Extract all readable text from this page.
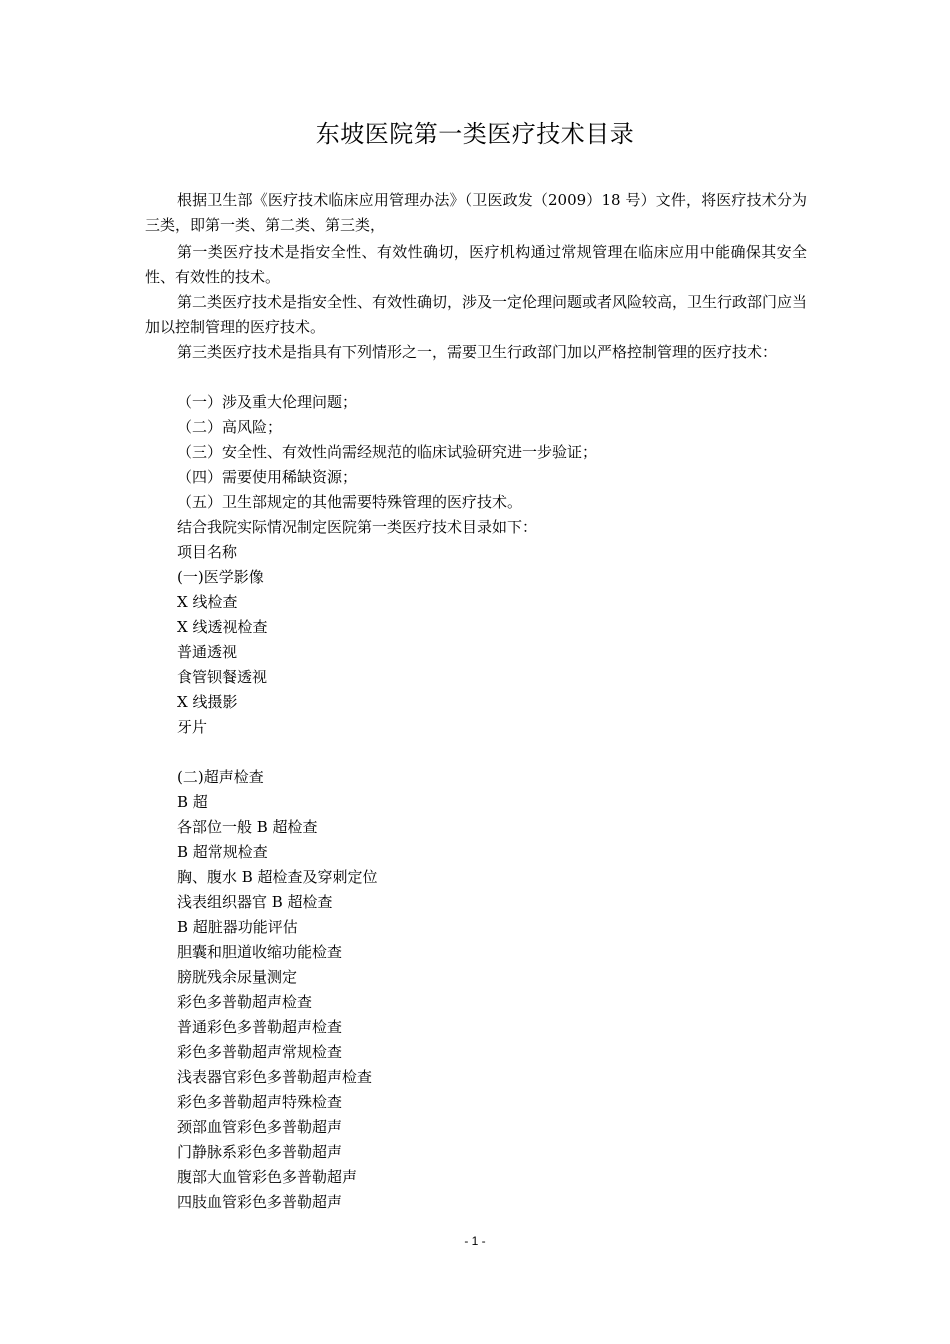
东坡医院第一类医疗技术目录

根据卫生部《医疗技术临床应用管理办法》（卫医政发（2009）18 号）文件，将医疗技术分为三类，即第一类、第二类、第三类，

第一类医疗技术是指安全性、有效性确切，医疗机构通过常规管理在临床应用中能确保其安全性、有效性的技术。

第二类医疗技术是指安全性、有效性确切，涉及一定伦理问题或者风险较高，卫生行政部门应当加以控制管理的医疗技术。

第三类医疗技术是指具有下列情形之一，需要卫生行政部门加以严格控制管理的医疗技术：

（一）涉及重大伦理问题；

（二）高风险；

（三）安全性、有效性尚需经规范的临床试验研究进一步验证；

（四）需要使用稀缺资源；

（五）卫生部规定的其他需要特殊管理的医疗技术。

结合我院实际情况制定医院第一类医疗技术目录如下：

项目名称

(一)医学影像

X 线检查

X 线透视检查

普通透视

食管钡餐透视

X 线摄影

牙片

(二)超声检查

B 超

各部位一般 B 超检查

B 超常规检查

胸、腹水 B 超检查及穿刺定位

浅表组织器官 B 超检查

B 超脏器功能评估

胆囊和胆道收缩功能检查

膀胱残余尿量测定

彩色多普勒超声检查

普通彩色多普勒超声检查

彩色多普勒超声常规检查

浅表器官彩色多普勒超声检查

彩色多普勒超声特殊检查

颈部血管彩色多普勒超声

门静脉系彩色多普勒超声

腹部大血管彩色多普勒超声

四肢血管彩色多普勒超声

- 1 -
